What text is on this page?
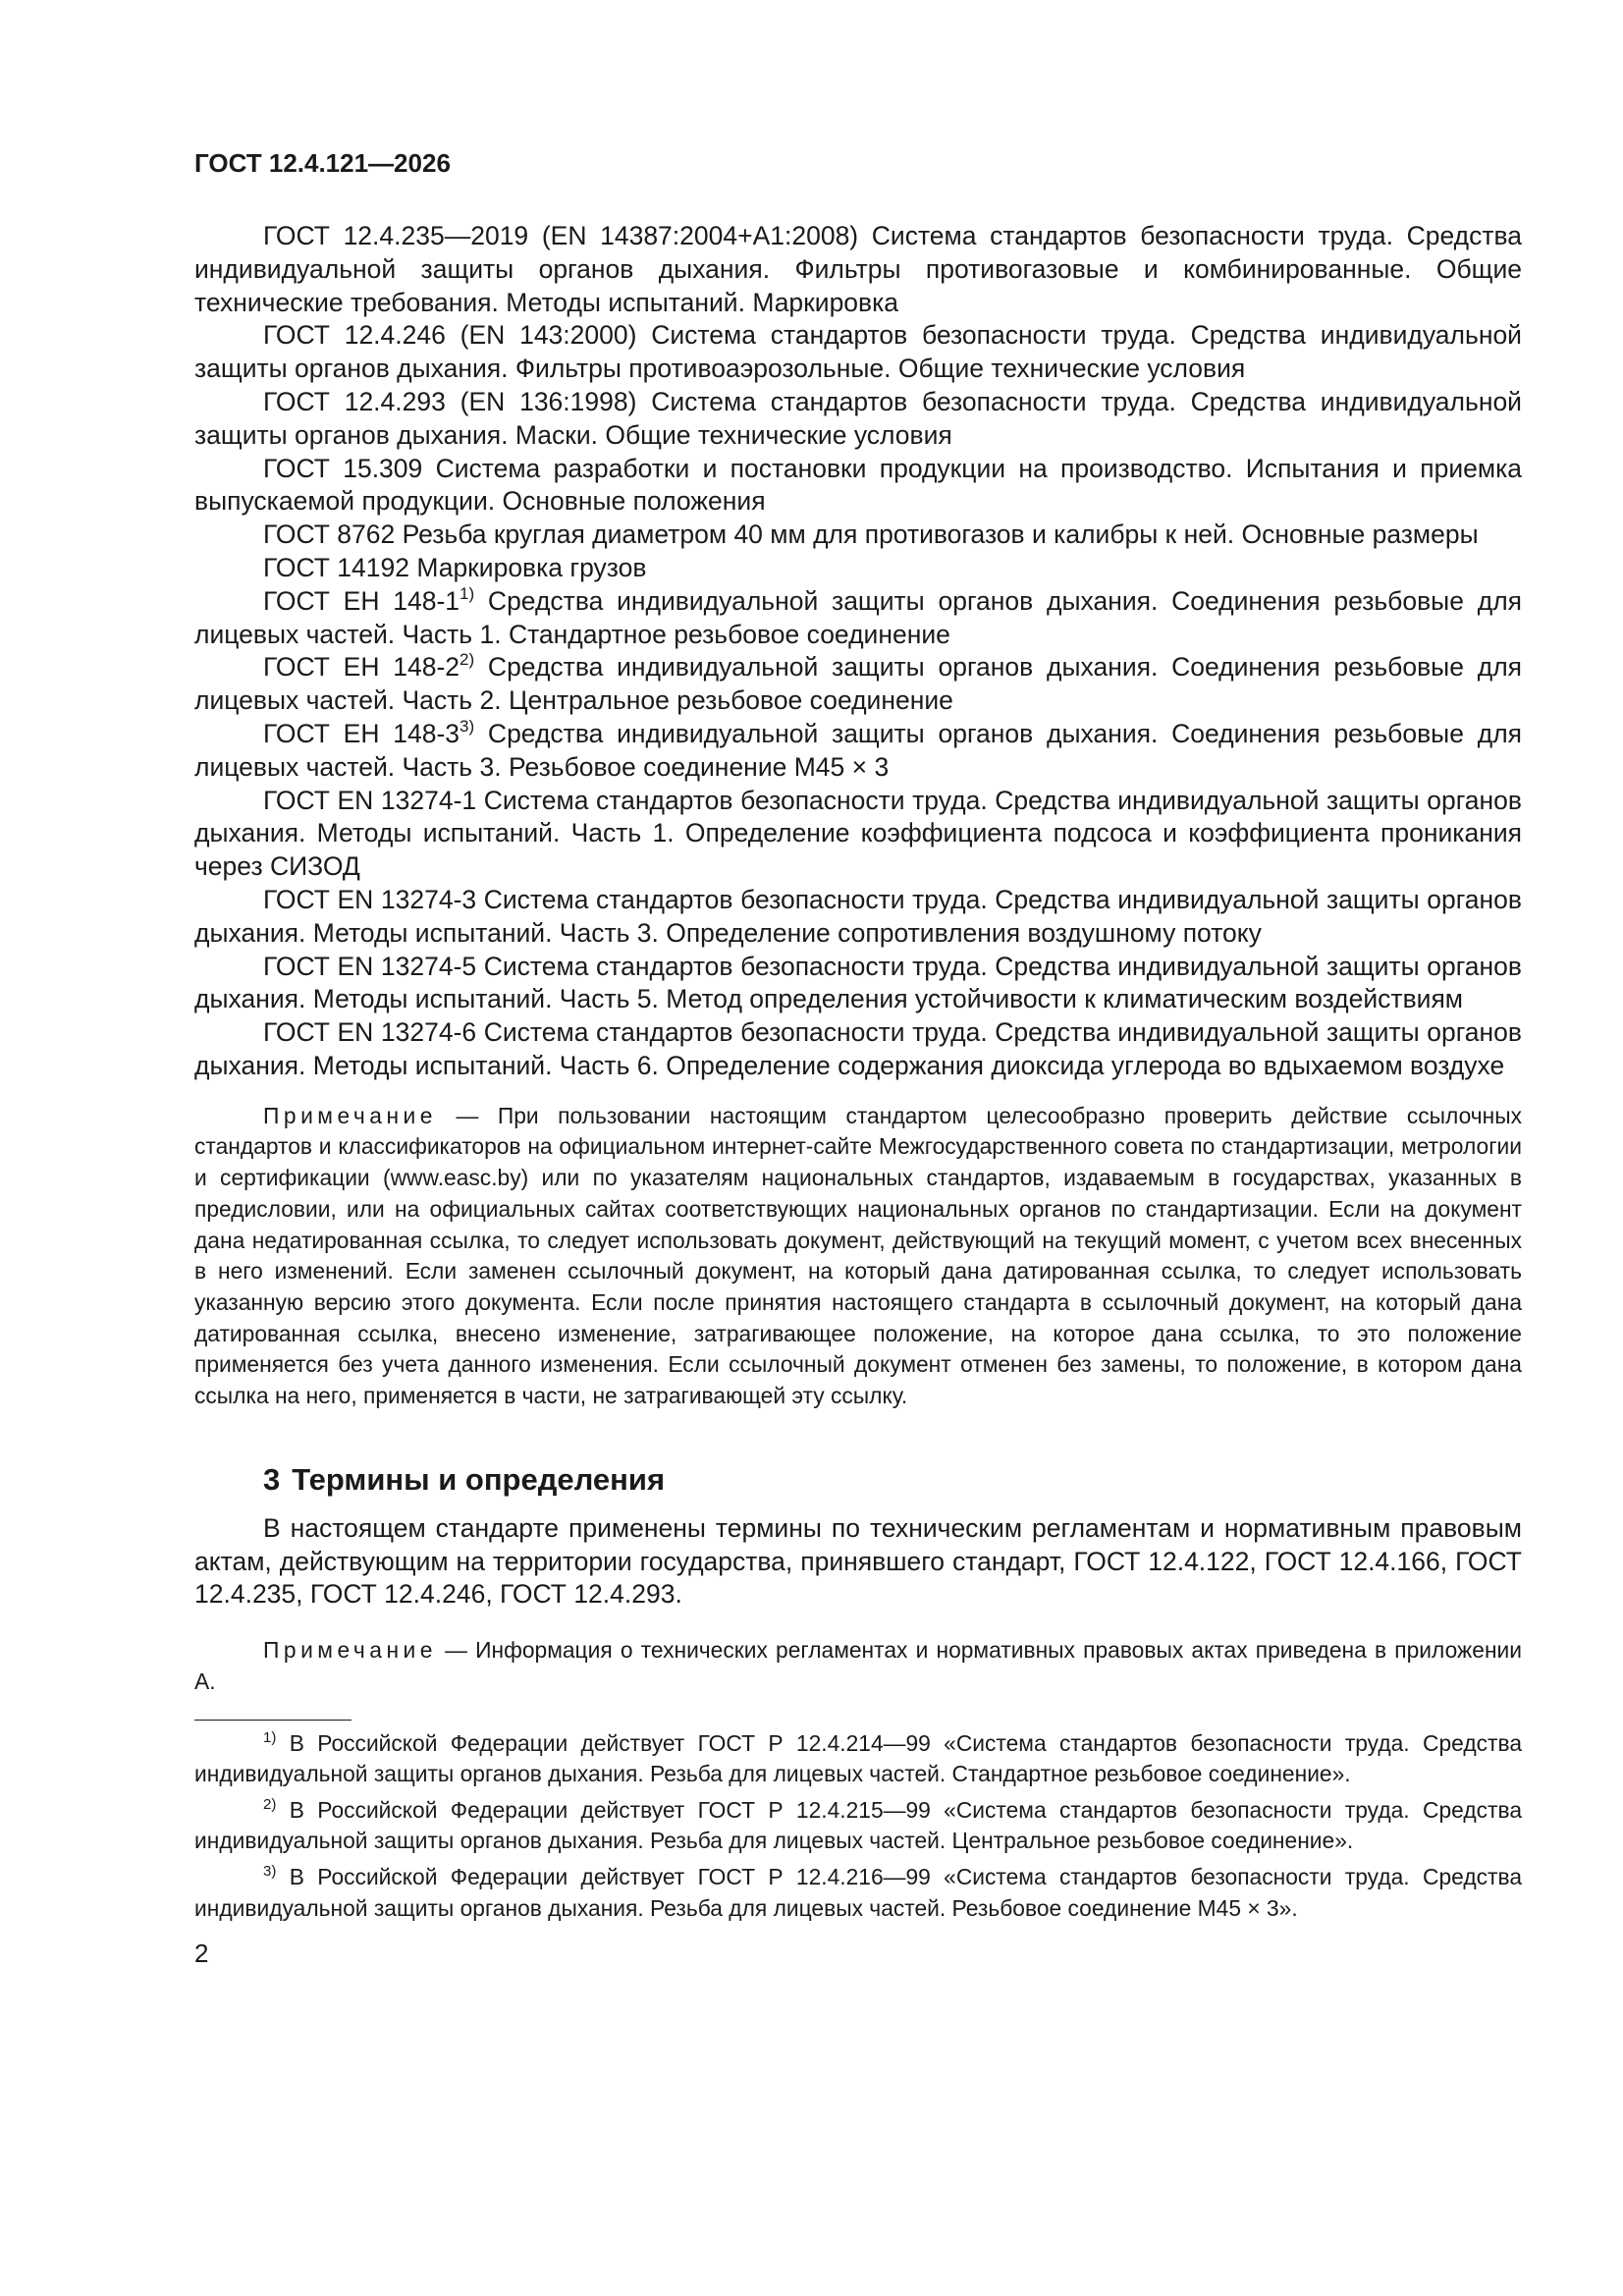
ГОСТ 12.4.121—2026

ГОСТ 12.4.235—2019 (EN 14387:2004+A1:2008) Система стандартов безопасности труда. Средства индивидуальной защиты органов дыхания. Фильтры противогазовые и комбинированные. Общие технические требования. Методы испытаний. Маркировка

ГОСТ 12.4.246 (EN 143:2000) Система стандартов безопасности труда. Средства индивидуальной защиты органов дыхания. Фильтры противоаэрозольные. Общие технические условия

ГОСТ 12.4.293 (EN 136:1998) Система стандартов безопасности труда. Средства индивидуальной защиты органов дыхания. Маски. Общие технические условия

ГОСТ 15.309 Система разработки и постановки продукции на производство. Испытания и приемка выпускаемой продукции. Основные положения

ГОСТ 8762 Резьба круглая диаметром 40 мм для противогазов и калибры к ней. Основные размеры

ГОСТ 14192 Маркировка грузов

ГОСТ ЕН 148-1$^{1)}$ Средства индивидуальной защиты органов дыхания. Соединения резьбовые для лицевых частей. Часть 1. Стандартное резьбовое соединение

ГОСТ ЕН 148-2$^{2)}$ Средства индивидуальной защиты органов дыхания. Соединения резьбовые для лицевых частей. Часть 2. Центральное резьбовое соединение

ГОСТ ЕН 148-3$^{3)}$ Средства индивидуальной защиты органов дыхания. Соединения резьбовые для лицевых частей. Часть 3. Резьбовое соединение М45 × 3

ГОСТ EN 13274-1 Система стандартов безопасности труда. Средства индивидуальной защиты органов дыхания. Методы испытаний. Часть 1. Определение коэффициента подсоса и коэффициента проникания через СИЗОД

ГОСТ EN 13274-3 Система стандартов безопасности труда. Средства индивидуальной защиты органов дыхания. Методы испытаний. Часть 3. Определение сопротивления воздушному потоку

ГОСТ EN 13274-5 Система стандартов безопасности труда. Средства индивидуальной защиты органов дыхания. Методы испытаний. Часть 5. Метод определения устойчивости к климатическим воздействиям

ГОСТ EN 13274-6 Система стандартов безопасности труда. Средства индивидуальной защиты органов дыхания. Методы испытаний. Часть 6. Определение содержания диоксида углерода во вдыхаемом воздухе

Примечание — При пользовании настоящим стандартом целесообразно проверить действие ссылочных стандартов и классификаторов на официальном интернет-сайте Межгосударственного совета по стандартизации, метрологии и сертификации (www.easc.by) или по указателям национальных стандартов, издаваемым в государствах, указанных в предисловии, или на официальных сайтах соответствующих национальных органов по стандартизации. Если на документ дана недатированная ссылка, то следует использовать документ, действующий на текущий момент, с учетом всех внесенных в него изменений. Если заменен ссылочный документ, на который дана датированная ссылка, то следует использовать указанную версию этого документа. Если после принятия настоящего стандарта в ссылочный документ, на который дана датированная ссылка, внесено изменение, затрагивающее положение, на которое дана ссылка, то это положение применяется без учета данного изменения. Если ссылочный документ отменен без замены, то положение, в котором дана ссылка на него, применяется в части, не затрагивающей эту ссылку.

3 Термины и определения

В настоящем стандарте применены термины по техническим регламентам и нормативным правовым актам, действующим на территории государства, принявшего стандарт, ГОСТ 12.4.122, ГОСТ 12.4.166, ГОСТ 12.4.235, ГОСТ 12.4.246, ГОСТ 12.4.293.

Примечание — Информация о технических регламентах и нормативных правовых актах приведена в приложении А.

$^{1)}$ В Российской Федерации действует ГОСТ Р 12.4.214—99 «Система стандартов безопасности труда. Средства индивидуальной защиты органов дыхания. Резьба для лицевых частей. Стандартное резьбовое соединение».

$^{2)}$ В Российской Федерации действует ГОСТ Р 12.4.215—99 «Система стандартов безопасности труда. Средства индивидуальной защиты органов дыхания. Резьба для лицевых частей. Центральное резьбовое соединение».

$^{3)}$ В Российской Федерации действует ГОСТ Р 12.4.216—99 «Система стандартов безопасности труда. Средства индивидуальной защиты органов дыхания. Резьба для лицевых частей. Резьбовое соединение М45 × 3».

2
